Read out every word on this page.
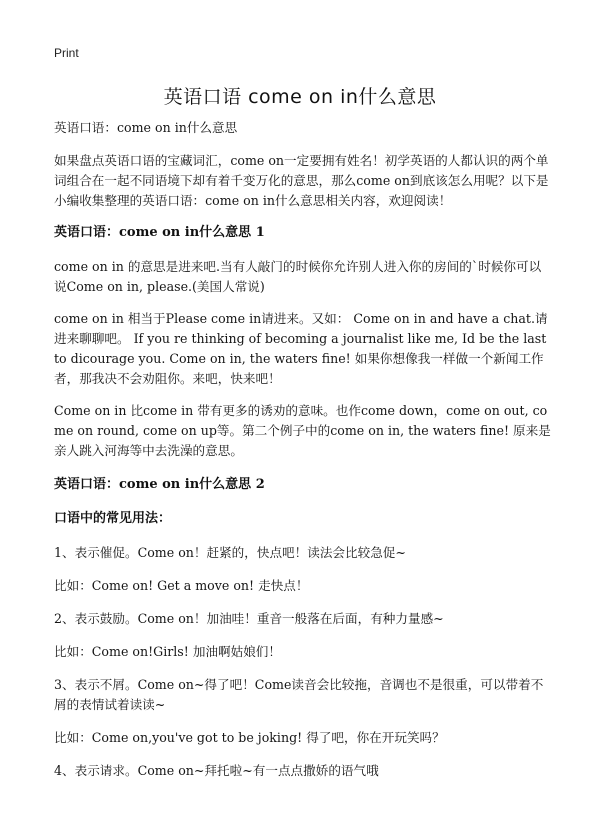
Print
英语口语 come on in什么意思

英语口语：come on in什么意思

如果盘点英语口语的宝藏词汇，come on一定要拥有姓名！初学英语的人都认识的两个单词组合在一起不同语境下却有着千变万化的意思，那么come on到底该怎么用呢？以下是小编收集整理的英语口语：come on in什么意思相关内容，欢迎阅读！

英语口语：come on in什么意思 1

come on in 的意思是进来吧.当有人敲门的时候你允许别人进入你的房间的`时候你可以说Come on in, please.(美国人常说)

come on in 相当于Please come in请进来。又如： Come on in and have a chat.请进来聊聊吧。 If you re thinking of becoming a journalist like me, Id be the last to dicourage you. Come on in, the waters fine! 如果你想像我一样做一个新闻工作者，那我决不会劝阻你。来吧，快来吧！

Come on in 比come in 带有更多的诱劝的意味。也作come down，come on out, come on round, come on up等。第二个例子中的come on in, the waters fine! 原来是亲人跳入河海等中去洗澡的意思。

英语口语：come on in什么意思 2

口语中的常见用法：

1、表示催促。Come on！赶紧的，快点吧！读法会比较急促~

比如：Come on! Get a move on! 走快点！

2、表示鼓励。Come on！加油哇！重音一般落在后面，有种力量感~

比如：Come on!Girls! 加油啊姑娘们！

3、表示不屑。Come on~得了吧！Come读音会比较拖，音调也不是很重，可以带着不屑的表情试着读读~

比如：Come on,you've got to be joking! 得了吧，你在开玩笑吗？

4、表示请求。Come on~拜托啦~有一点点撒娇的语气哦
